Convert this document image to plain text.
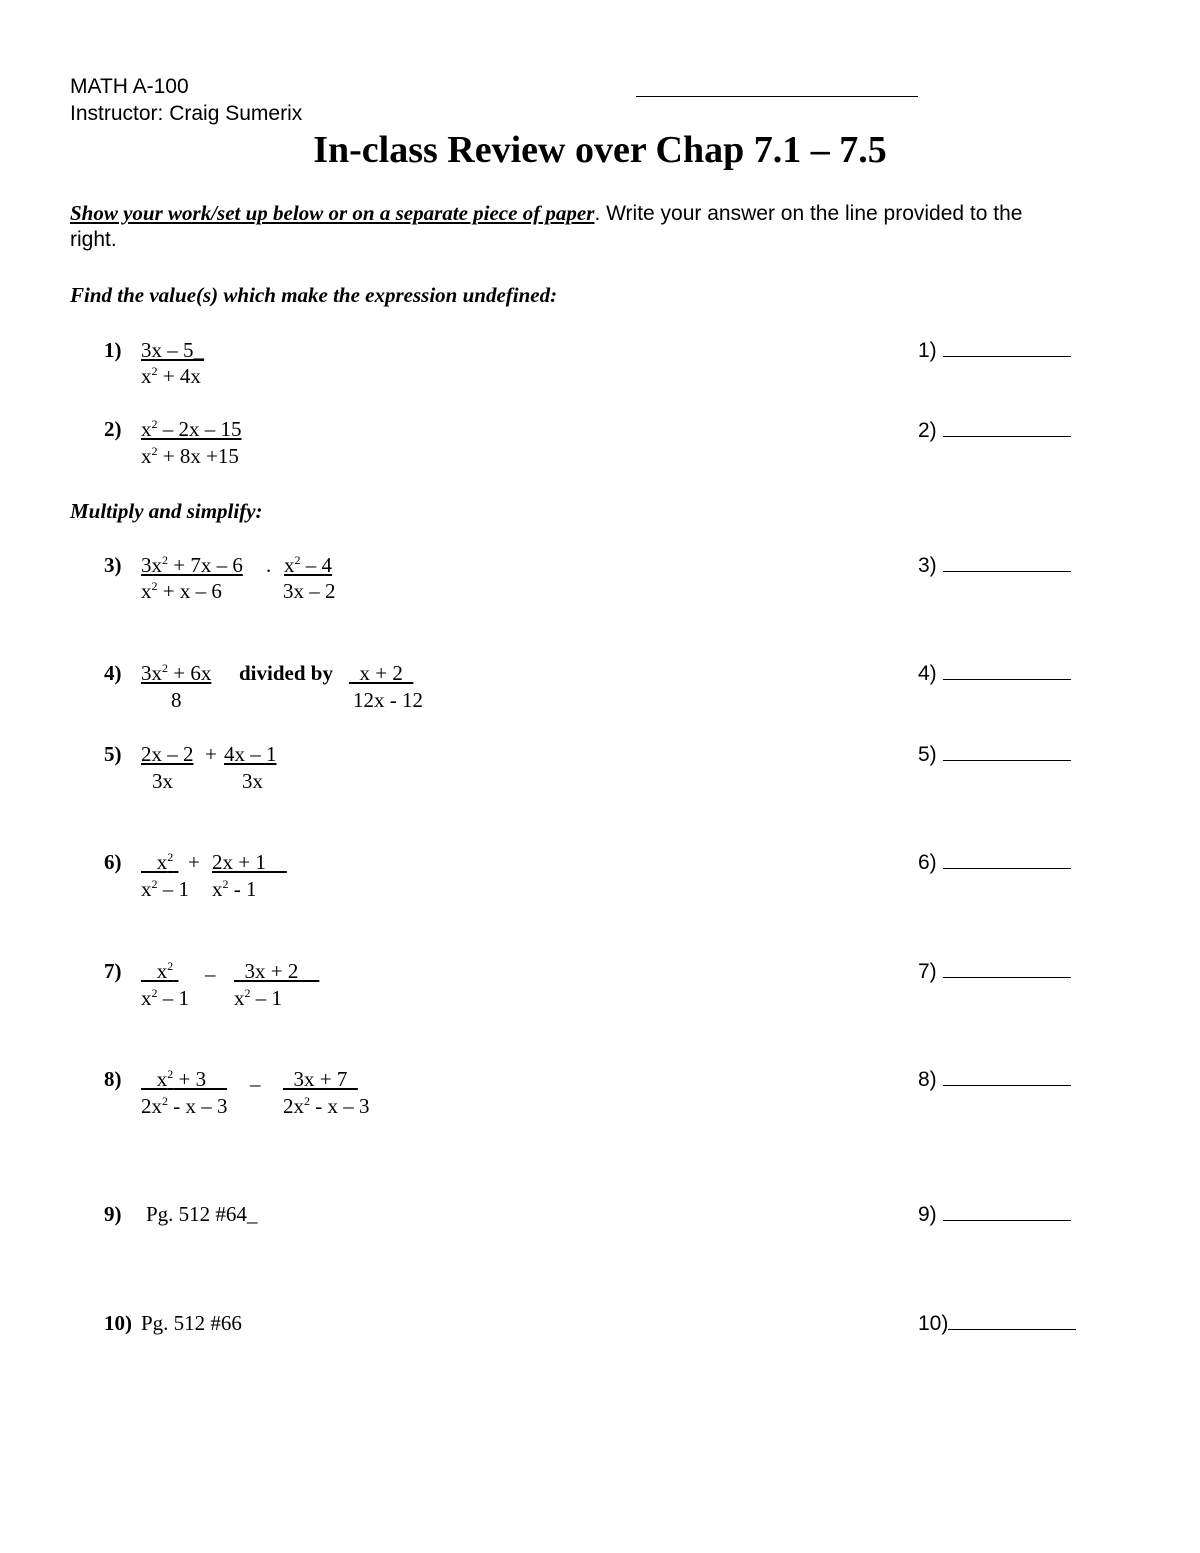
MATH A-100
Instructor: Craig Sumerix
In-class Review over Chap 7.1 – 7.5
Show your work/set up below or on a separate piece of paper. Write your answer on the line provided to the
right.
Find the value(s) which make the expression undefined:
1) 3x – 5_
$x^2 + 4x$
1)
2) $x^2 - 2x - 15$
$x^2 + 8x +15$
2)
Multiply and simplify:
3) $3x^2 + 7x - 6$ . $x^2 - 4$
$x^2 + x - 6$	3x – 2
3)
4) $3x^2 + 6x$ divided by x + 2
8	12x - 12
4)
5) 2x – 2 + 4x – 1
3x	3x
5)
6) $x^2 + 2x + 1$
$x^2 - 1$ $x^2 - 1$
6)
7) $x^2 - 3x + 2$
$x^2 - 1$ $x^2 - 1$
7)
8) $x^2 + 3 - 3x + 7$
$2x^2$ - x – 3	$2x^2$ - x – 3
8)
9) Pg. 512 #64_	9)
10) Pg. 512 #66	10)
